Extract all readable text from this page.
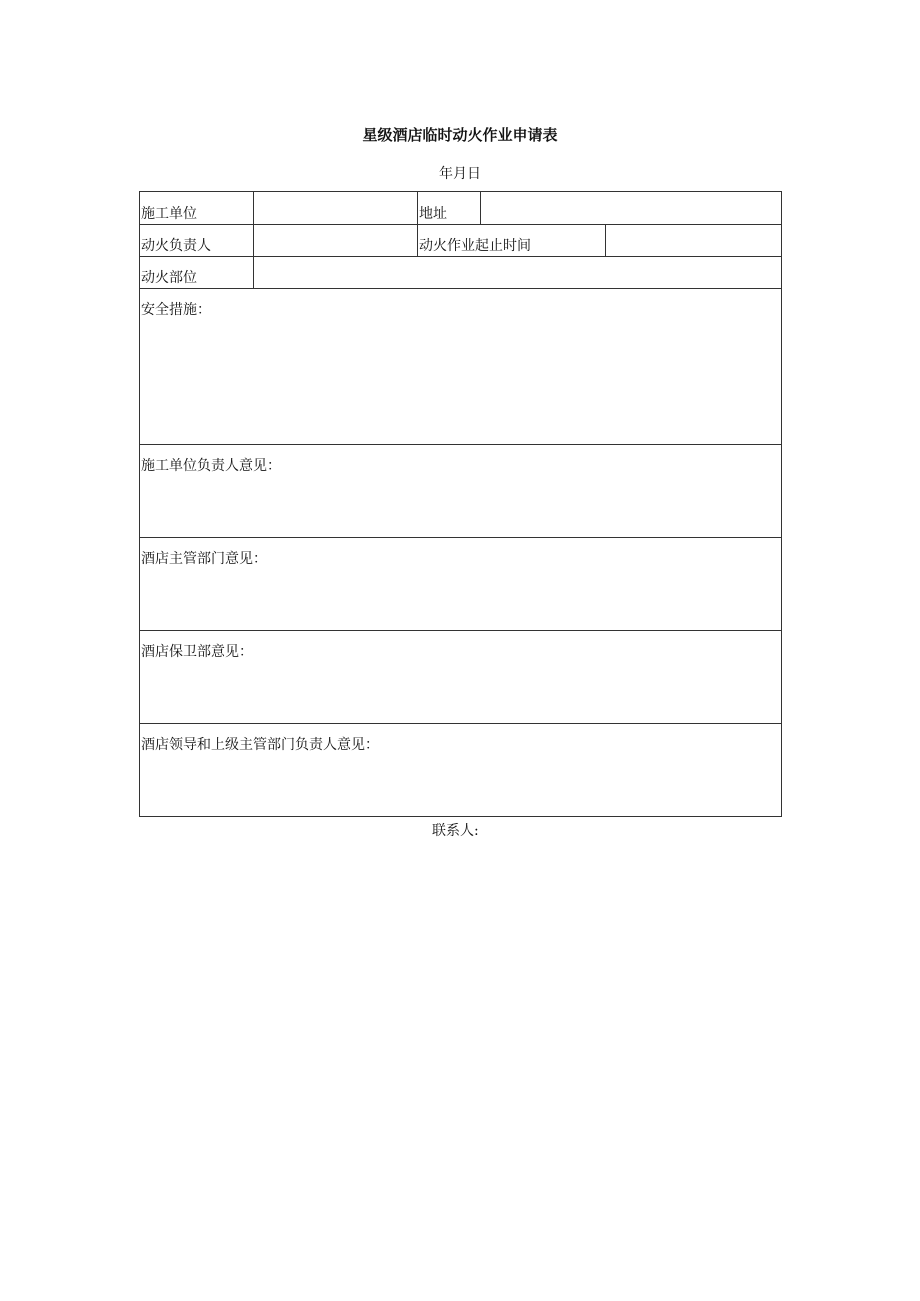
星级酒店临时动火作业申请表
年月日
施工单位		地址		
动火负责人		动火作业起止时间		
动火部位				
安全措施：				
施工单位负责人意见：				
酒店主管部门意见：				
酒店保卫部意见：				
酒店领导和上级主管部门负责人意见：				
联系人:
